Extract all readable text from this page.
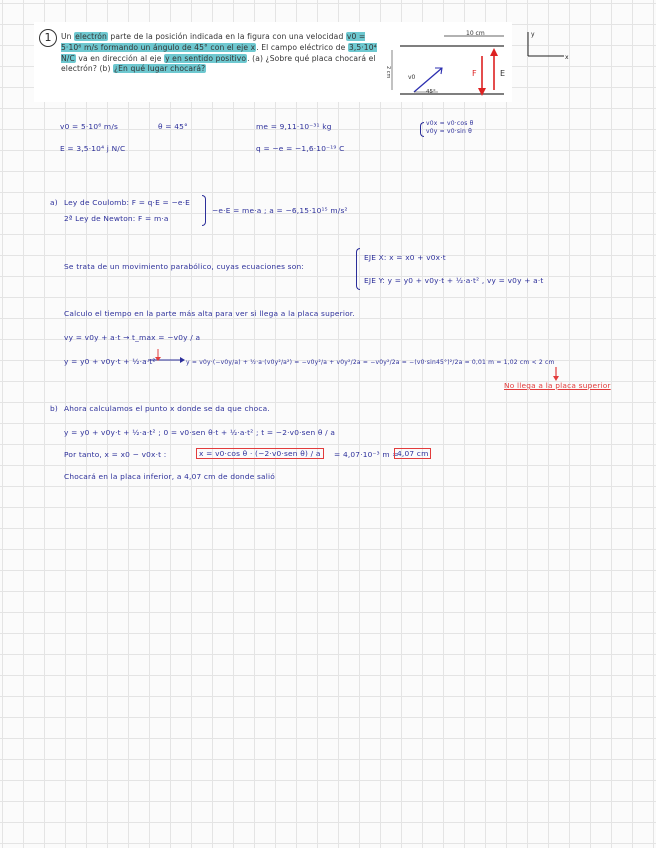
1	Un electrón parte de la posición indicada en la figura con una velocidad v0 = 5·10⁶ m/s formando un ángulo de 45° con el eje x. El campo eléctrico de 3,5·10⁴ N/C va en dirección al eje y en sentido positivo. (a) ¿Sobre qué placa chocará el electrón? (b) ¿En qué lugar chocará?
10 cm
2 cm	v0
45°
F	E
y
x
v0 = 5·10⁶ m/s	θ = 45°	me = 9,11·10⁻³¹ kg
E = 3,5·10⁴ j N/C	q = −e = −1,6·10⁻¹⁹ C
v0x = v0·cos θ
v0y = v0·sin θ
a) Ley de Coulomb: F = q·E = −e·E
2ª Ley de Newton: F = m·a
−e·E = me·a ; a = −6,15·10¹⁵ m/s²
Se trata de un movimiento parabólico, cuyas ecuaciones son:
EJE X: x = x0 + v0x·t
EJE Y: y = y0 + v0y·t + ½·a·t² , vy = v0y + a·t
Calculo el tiempo en la parte más alta para ver si llega a la placa superior.
vy = v0y + a·t → t_max = −v0y / a
y = y0 + v0y·t + ½·a·t²	y = v0y·(−v0y/a) + ½·a·(v0y²/a²) = −v0y²/a + v0y²/2a = −v0y²/2a = −(v0·sin45°)²/2a = 0,01 m = 1,02 cm < 2 cm
No llega a la placa superior
b) Ahora calculamos el punto x donde se da que choca.
y = y0 + v0y·t + ½·a·t² ; 0 = v0·sen θ·t + ½·a·t² ; t = −2·v0·sen θ / a
Por tanto, x = x0 − v0x·t :	x = v0·cos θ · (−2·v0·sen θ) / a	= 4,07·10⁻³ m =
4,07 cm
Chocará en la placa inferior, a 4,07 cm de donde salió
